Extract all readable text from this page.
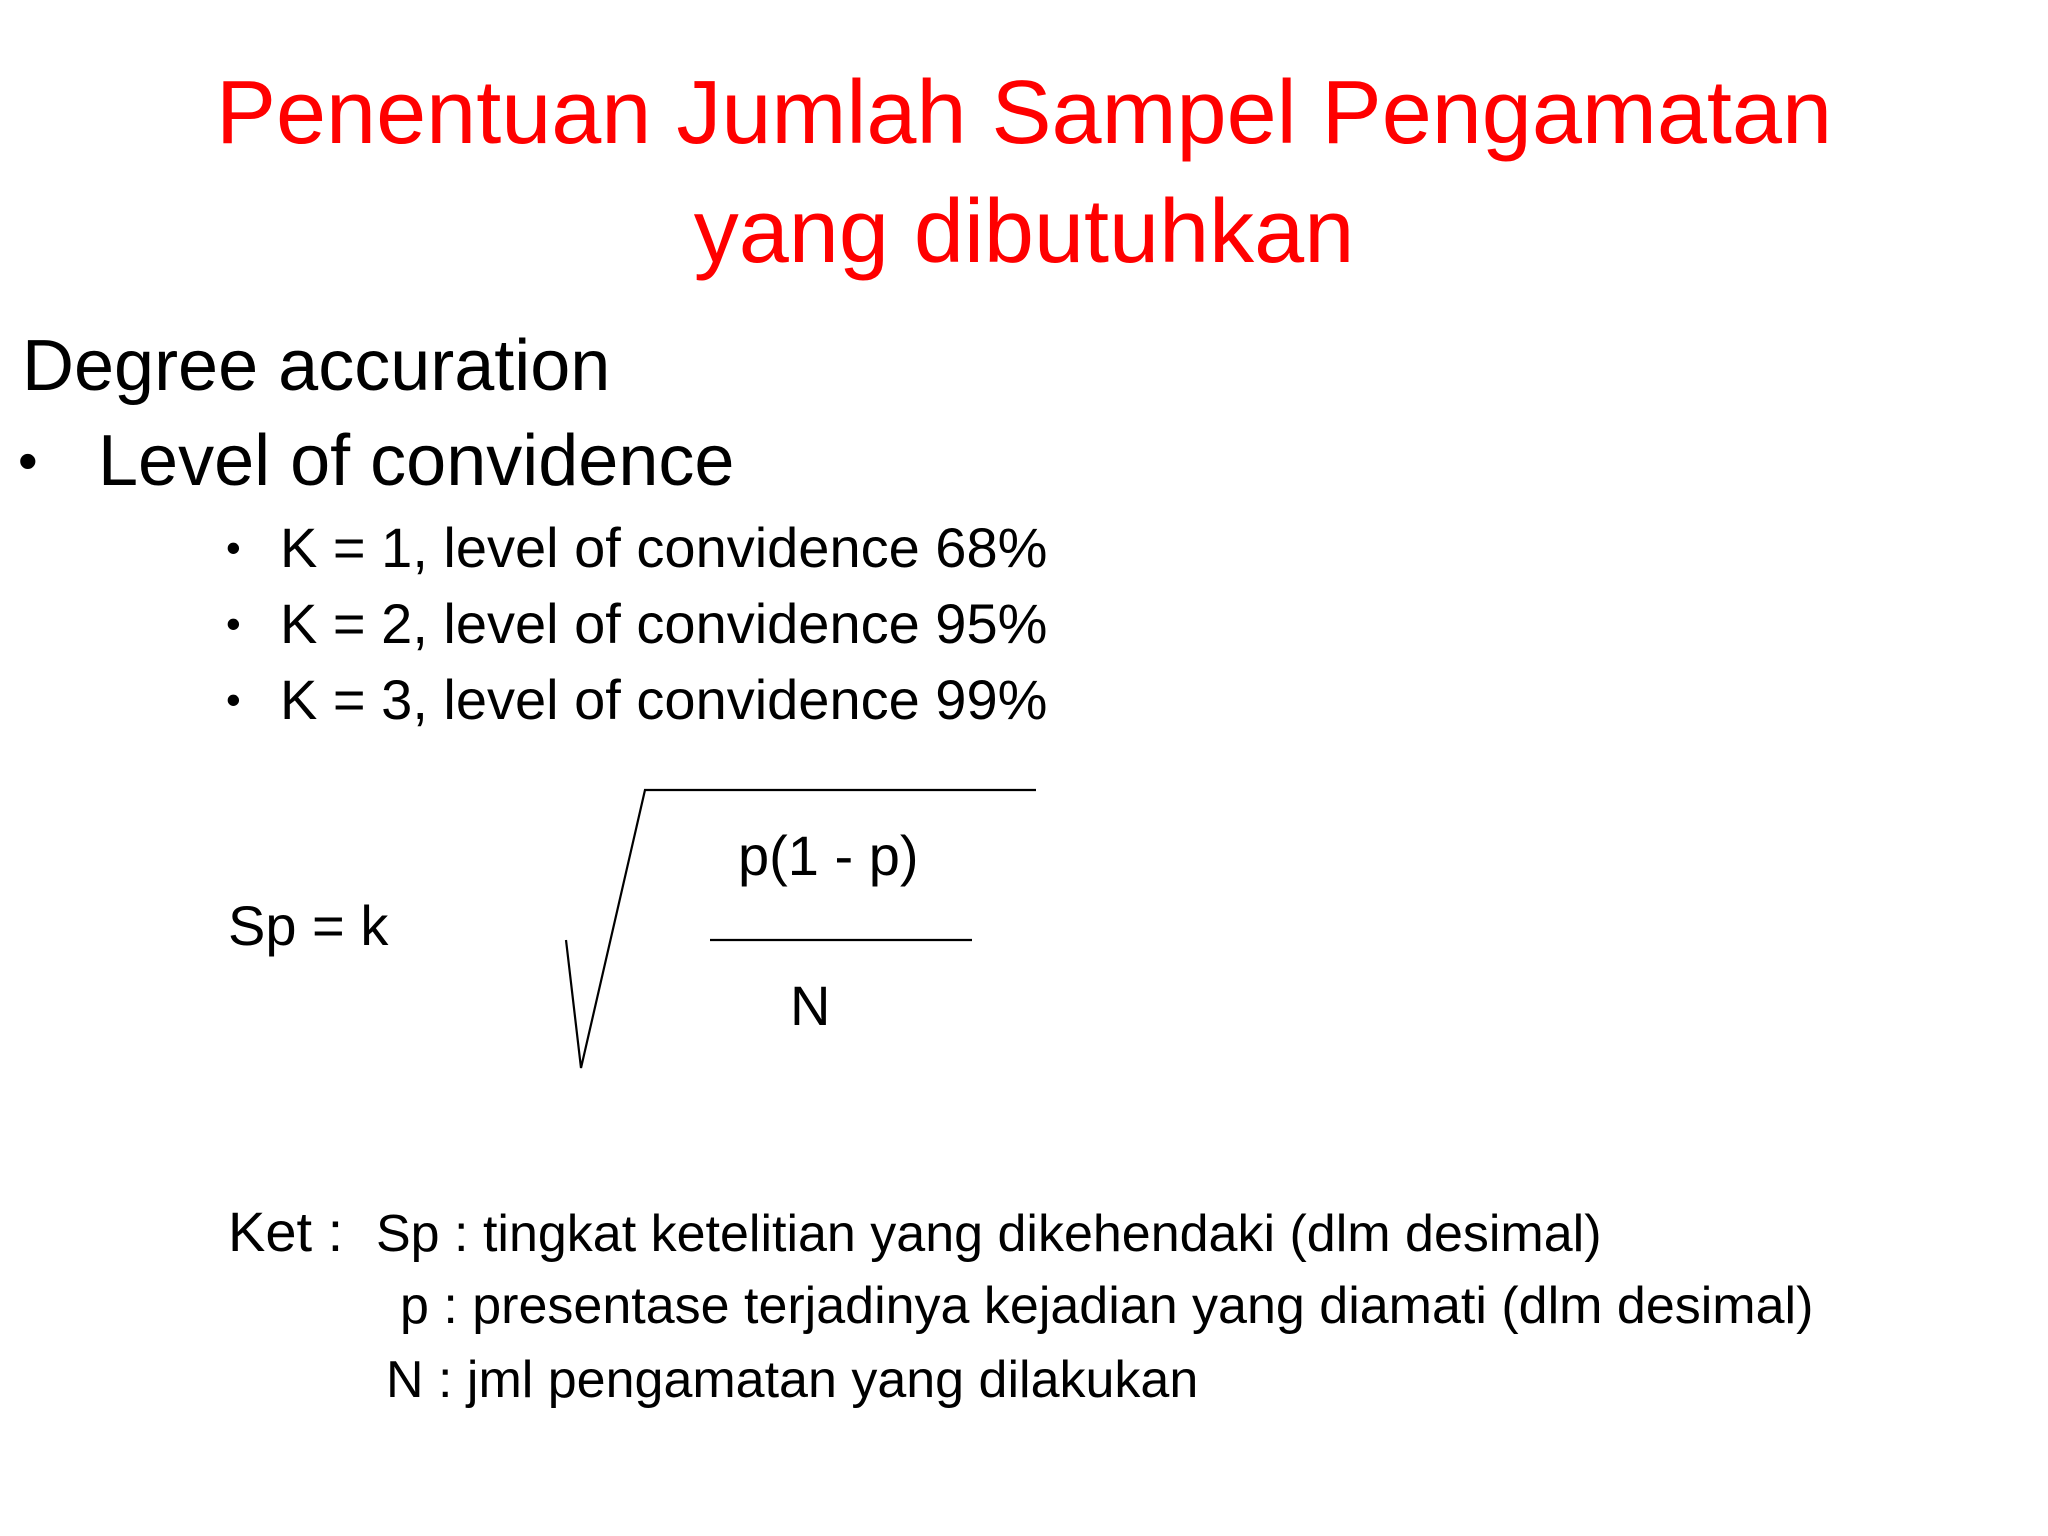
Penentuan Jumlah Sampel Pengamatan
yang dibutuhkan
Degree accuration
• Level of convidence
• K = 1, level of convidence 68%
• K = 2, level of convidence 95%
• K = 3, level of convidence 99%
Sp = k
p(1 - p)
N
Ket : Sp : tingkat ketelitian yang dikehendaki (dlm desimal)
p : presentase terjadinya kejadian yang diamati (dlm desimal)
N : jml pengamatan yang dilakukan
